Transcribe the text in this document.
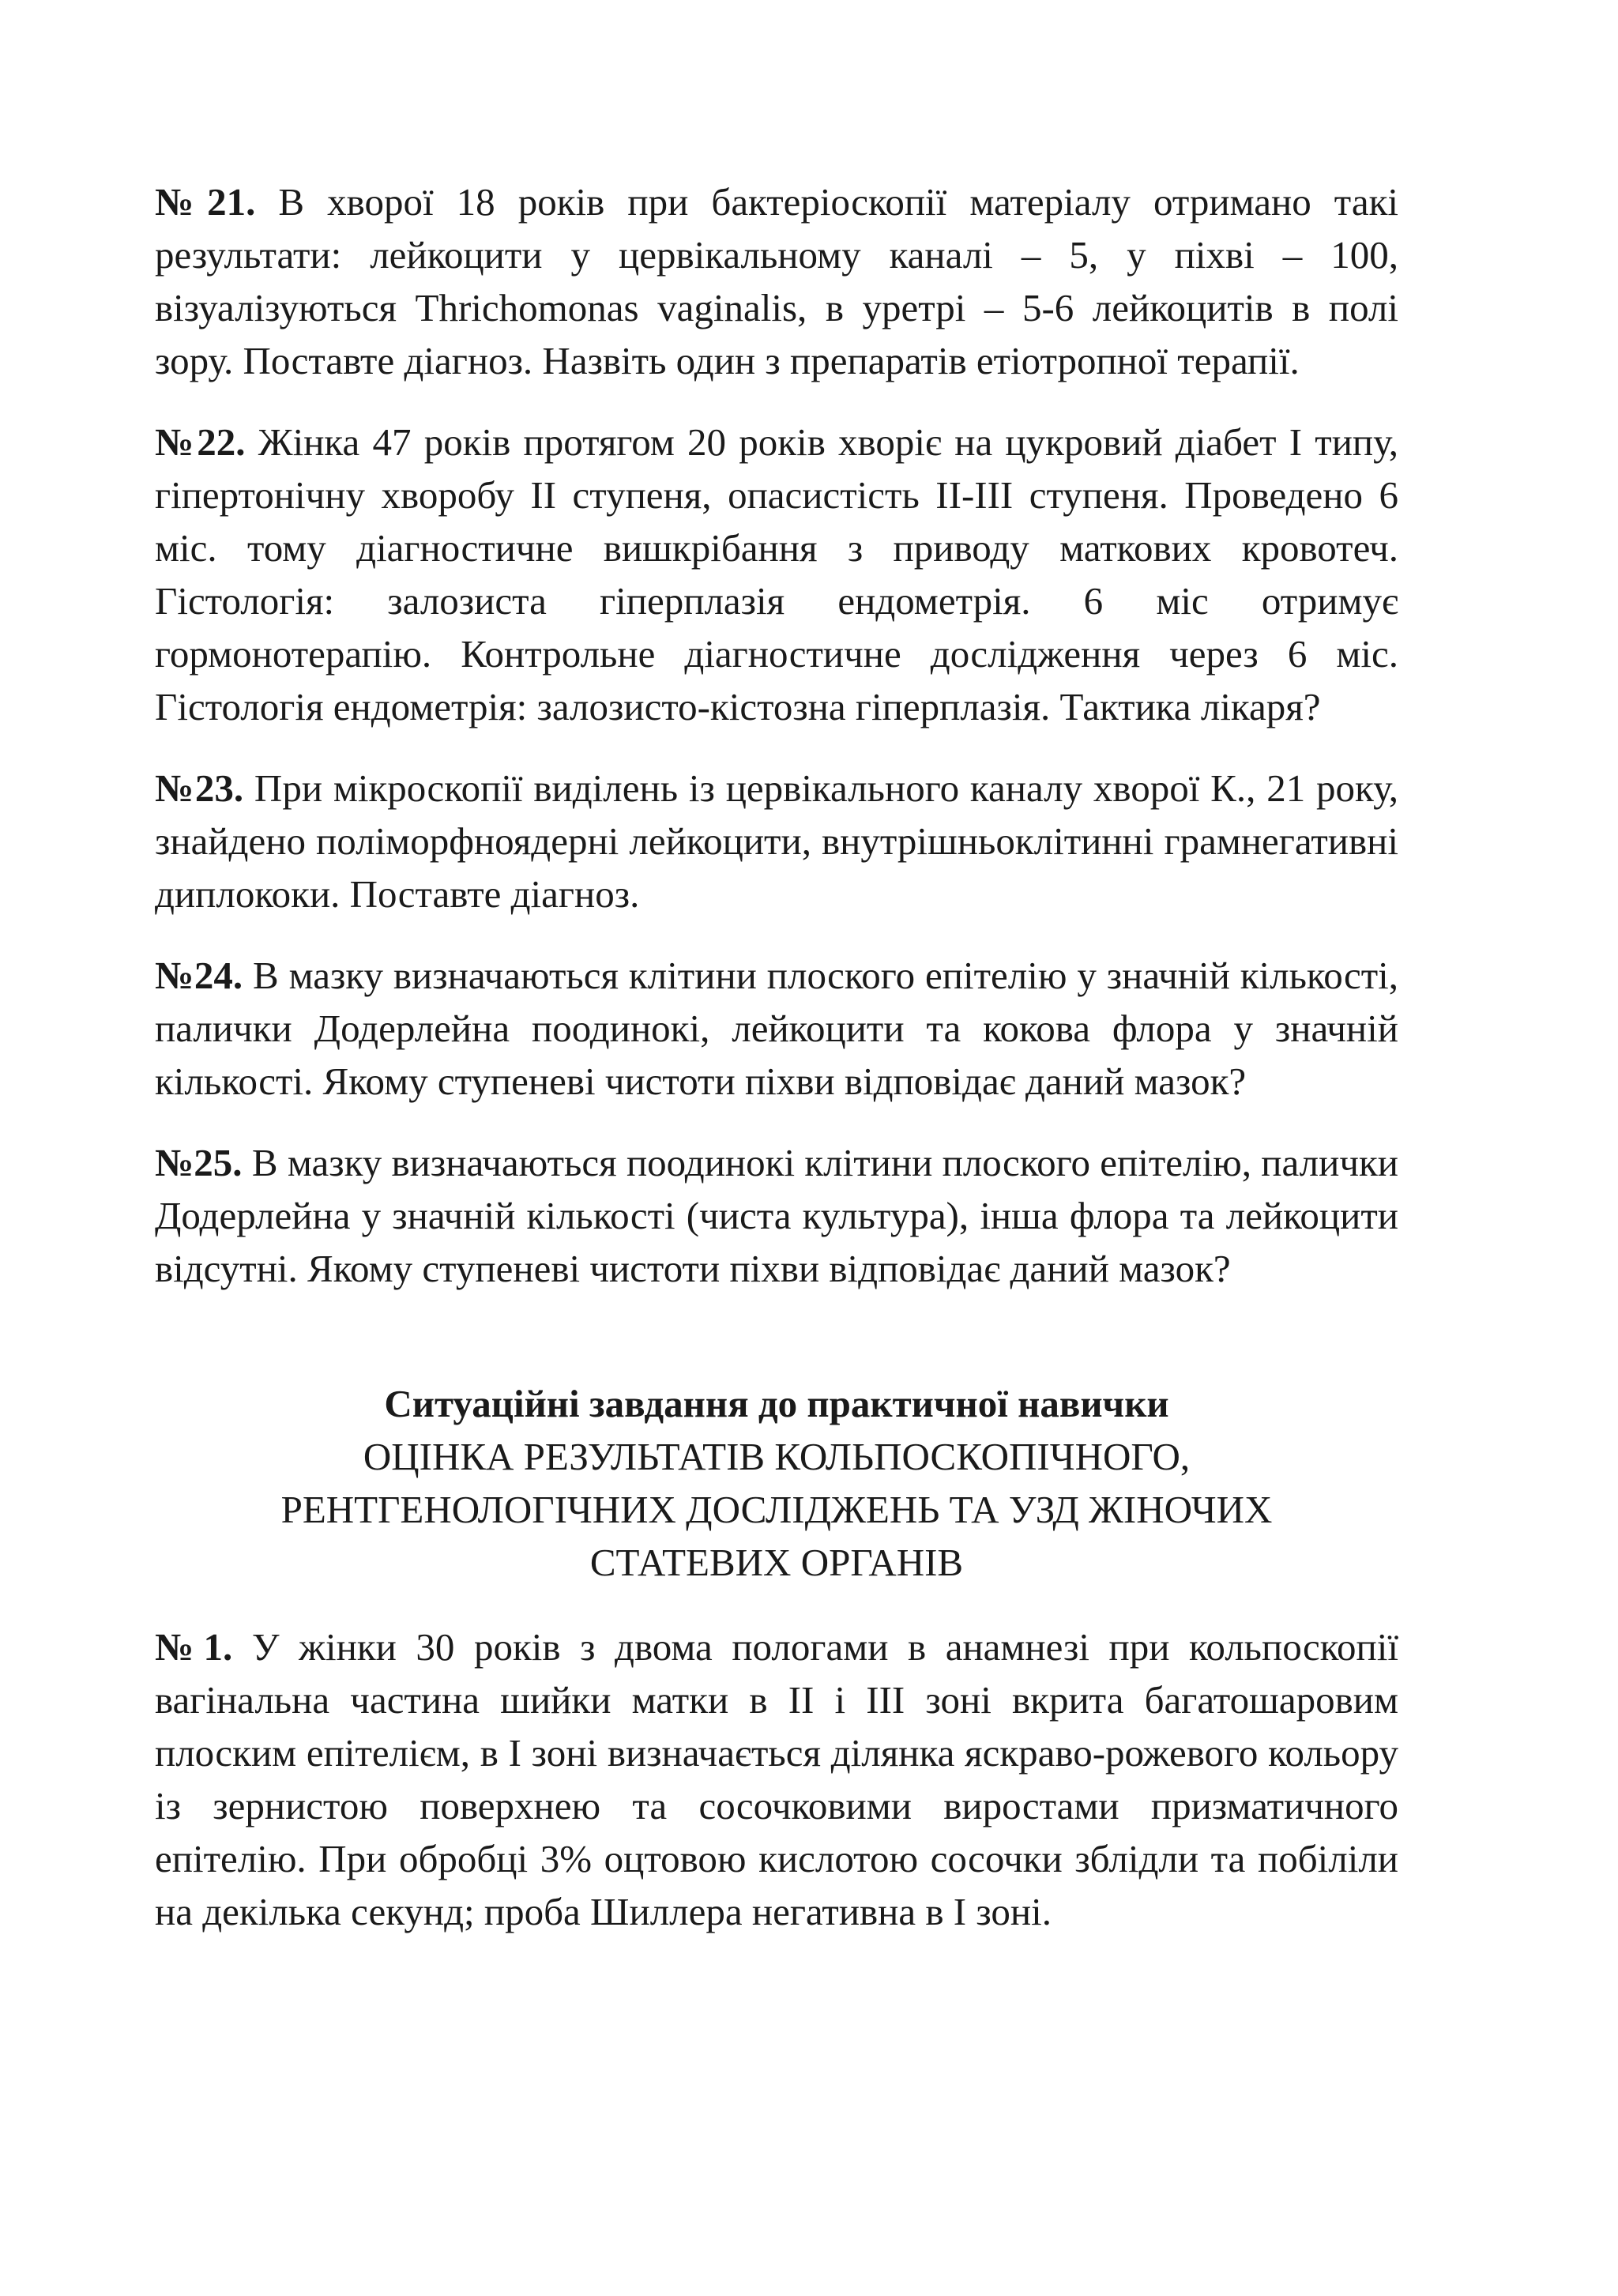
№21. В хворої 18 років при бактеріоскопії матеріалу отримано такі результати: лейкоцити у цервікальному каналі – 5, у піхві – 100, візуалізуються Thrichomonas vaginalis, в уретрі – 5-6 лейкоцитів в полі зору. Поставте діагноз. Назвіть один з препаратів етіотропної терапії.

№22. Жінка 47 років протягом 20 років хворіє на цукровий діабет І типу, гіпертонічну хворобу ІІ ступеня, опасистість ІІ-ІІІ ступеня. Проведено 6 міс. тому діагностичне вишкрібання з приводу маткових кровотеч. Гістологія: залозиста гіперплазія ендометрія. 6 міс отримує гормонотерапію. Контрольне діагностичне дослідження через 6 міс. Гістологія ендометрія: залозисто-кістозна гіперплазія. Тактика лікаря?

№23. При мікроскопії виділень із цервікального каналу хворої К., 21 року, знайдено поліморфноядерні лейкоцити, внутрішньоклітинні грамнегативні диплококи. Поставте діагноз.

№24. В мазку визначаються клітини плоского епітелію у значній кількості, палички Додерлейна поодинокі, лейкоцити та кокова флора у значній кількості. Якому ступеневі чистоти піхви відповідає даний мазок?

№25. В мазку визначаються поодинокі клітини плоского епітелію, палички Додерлейна у значній кількості (чиста культура), інша флора та лейкоцити відсутні. Якому ступеневі чистоти піхви відповідає даний мазок?

Ситуаційні завдання до практичної навички
ОЦІНКА РЕЗУЛЬТАТІВ КОЛЬПОСКОПІЧНОГО,
РЕНТГЕНОЛОГІЧНИХ ДОСЛІДЖЕНЬ ТА УЗД ЖІНОЧИХ
СТАТЕВИХ ОРГАНІВ

№1. У жінки 30 років з двома пологами в анамнезі при кольпоскопії вагінальна частина шийки матки в ІІ і ІІІ зоні вкрита багатошаровим плоским епітелієм, в І зоні визначається ділянка яскраво-рожевого кольору із зернистою поверхнею та сосочковими виростами призматичного епітелію. При обробці 3% оцтовою кислотою сосочки зблідли та побіліли на декілька секунд; проба Шиллера негативна в І зоні.
